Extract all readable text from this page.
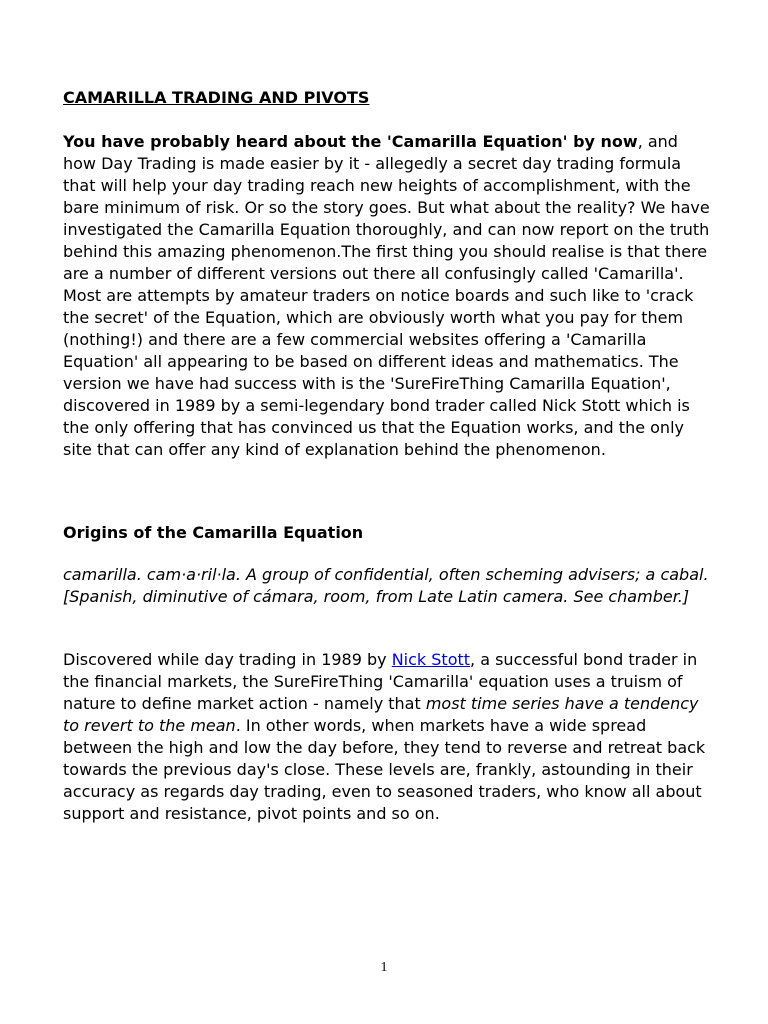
CAMARILLA TRADING AND PIVOTS

You have probably heard about the 'Camarilla Equation' by now, and how Day Trading is made easier by it - allegedly a secret day trading formula that will help your day trading reach new heights of accomplishment, with the bare minimum of risk. Or so the story goes. But what about the reality? We have investigated the Camarilla Equation thoroughly, and can now report on the truth behind this amazing phenomenon.The first thing you should realise is that there are a number of different versions out there all confusingly called 'Camarilla'. Most are attempts by amateur traders on notice boards and such like to 'crack the secret' of the Equation, which are obviously worth what you pay for them (nothing!) and there are a few commercial websites offering a 'Camarilla Equation' all appearing to be based on different ideas and mathematics. The version we have had success with is the 'SureFireThing Camarilla Equation', discovered in 1989 by a semi-legendary bond trader called Nick Stott which is the only offering that has convinced us that the Equation works, and the only site that can offer any kind of explanation behind the phenomenon.

Origins of the Camarilla Equation

camarilla. cam·a·ril·la. A group of confidential, often scheming advisers; a cabal.[Spanish, diminutive of cámara, room, from Late Latin camera. See chamber.]

Discovered while day trading in 1989 by Nick Stott, a successful bond trader in the financial markets, the SureFireThing 'Camarilla' equation uses a truism of nature to define market action - namely that most time series have a tendency to revert to the mean. In other words, when markets have a wide spread between the high and low the day before, they tend to reverse and retreat back towards the previous day's close. These levels are, frankly, astounding in their accuracy as regards day trading, even to seasoned traders, who know all about support and resistance, pivot points and so on.

1
